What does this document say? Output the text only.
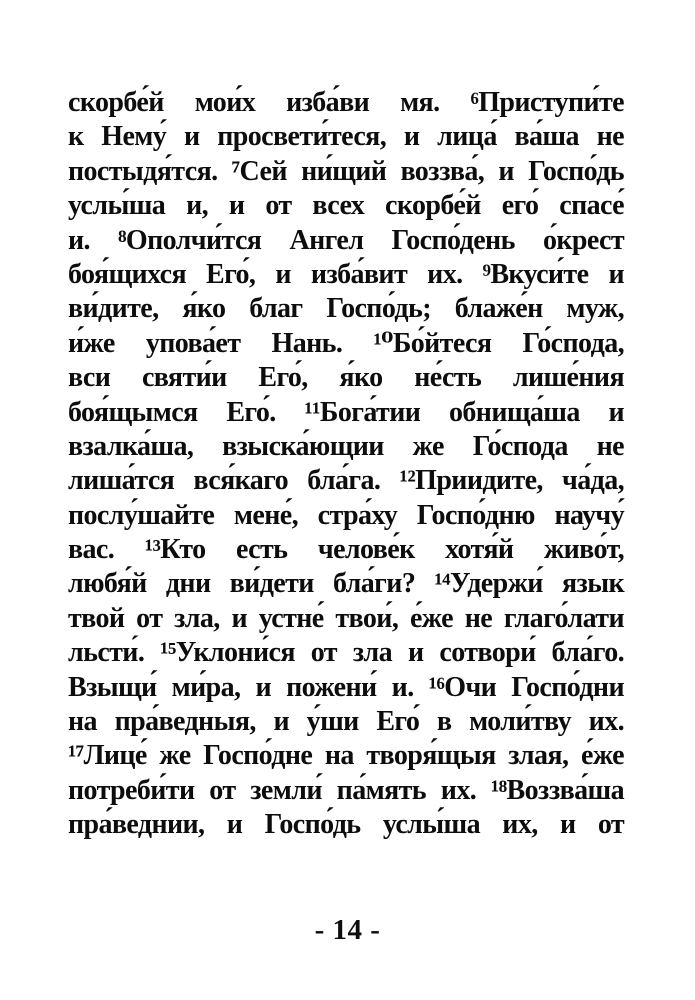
скорбе́й мои́х изба́ви мя. ⁶Приступи́те
к Нему́ и просвети́теся, и лица́ ва́ша не
постыдя́тся. ⁷Сей ни́щий воззва́, и Госпо́дь
услы́ша и, и от всех скорбе́й его́ спасе́
и. ⁸Ополчи́тся Ангел Госпо́день о́крест
боя́щихся Его́, и изба́вит их. ⁹Вкуси́те и
ви́дите, я́ко благ Госпо́дь; блаже́н муж,
и́же упова́ет Нань. ¹⁰Бо́йтеся Го́спода,
вси святи́и Его́, я́ко не́сть лише́ния
боя́щымся Его́. ¹¹Бога́тии обнища́ша и
взалка́ша, взыска́ющии же Го́спода не
лиша́тся вся́каго бла́га. ¹²Приидите, ча́да,
послу́шайте мене́, стра́ху Госпо́дню научу́
вас. ¹³Кто есть челове́к хотя́й живо́т,
любя́й дни ви́дети бла́ги? ¹⁴Удержи́ язык
твой от зла, и устне́ твои́, е́же не глаго́лати
льсти́. ¹⁵Уклони́ся от зла и сотвори́ бла́го.
Взыщи́ ми́ра, и пожени́ и. ¹⁶Очи Госпо́дни
на пра́ведныя, и у́ши Его́ в моли́тву их.
¹⁷Лице́ же Госпо́дне на творя́щыя злая, е́же
потреби́ти от земли́ па́мять их. ¹⁸Воззва́ша
пра́веднии, и Госпо́дь услы́ша их, и от
- 14 -
